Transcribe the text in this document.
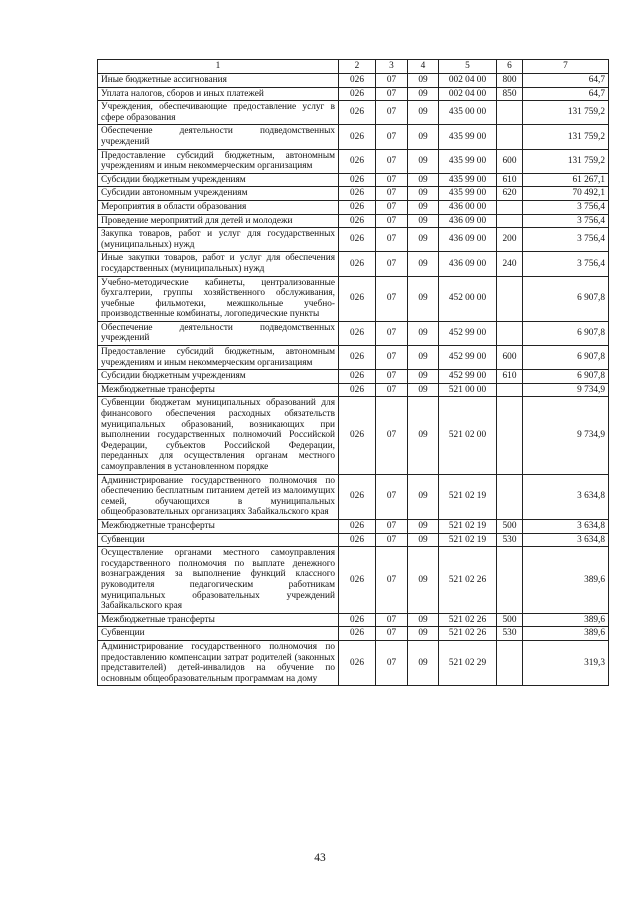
1	2	3	4	5	6	7
Иные бюджетные ассигнования	026	07	09	002 04 00	800	64,7
Уплата налогов, сборов и иных платежей	026	07	09	002 04 00	850	64,7
Учреждения, обеспечивающие предоставление услуг в сфере образования	026	07	09	435 00 00		131 759,2
Обеспечение деятельности подведомственных учреждений	026	07	09	435 99 00		131 759,2
Предоставление субсидий бюджетным, автономным учреждениям и иным некоммерческим организациям	026	07	09	435 99 00	600	131 759,2
Субсидии бюджетным учреждениям	026	07	09	435 99 00	610	61 267,1
Субсидии автономным учреждениям	026	07	09	435 99 00	620	70 492,1
Мероприятия в области образования	026	07	09	436 00 00		3 756,4
Проведение мероприятий для детей и молодежи	026	07	09	436 09 00		3 756,4
Закупка товаров, работ и услуг для государственных (муниципальных) нужд	026	07	09	436 09 00	200	3 756,4
Иные закупки товаров, работ и услуг для обеспечения государственных (муниципальных) нужд	026	07	09	436 09 00	240	3 756,4
Учебно-методические кабинеты, централизованные бухгалтерии, группы хозяйственного обслуживания, учебные фильмотеки, межшкольные учебно-производственные комбинаты, логопедические пункты	026	07	09	452 00 00		6 907,8
Обеспечение деятельности подведомственных учреждений	026	07	09	452 99 00		6 907,8
Предоставление субсидий бюджетным, автономным учреждениям и иным некоммерческим организациям	026	07	09	452 99 00	600	6 907,8
Субсидии бюджетным учреждениям	026	07	09	452 99 00	610	6 907,8
Межбюджетные трансферты	026	07	09	521 00 00		9 734,9
Субвенции бюджетам муниципальных образований для финансового обеспечения расходных обязательств муниципальных образований, возникающих при выполнении государственных полномочий Российской Федерации, субъектов Российской Федерации, переданных для осуществления органам местного самоуправления в установленном порядке	026	07	09	521 02 00		9 734,9
Администрирование государственного полномочия по обеспечению бесплатным питанием детей из малоимущих семей, обучающихся в муниципальных общеобразовательных организациях Забайкальского края	026	07	09	521 02 19		3 634,8
Межбюджетные трансферты	026	07	09	521 02 19	500	3 634,8
Субвенции	026	07	09	521 02 19	530	3 634,8
Осуществление органами местного самоуправления государственного полномочия по выплате денежного вознаграждения за выполнение функций классного руководителя педагогическим работникам муниципальных образовательных учреждений Забайкальского края	026	07	09	521 02 26		389,6
Межбюджетные трансферты	026	07	09	521 02 26	500	389,6
Субвенции	026	07	09	521 02 26	530	389,6
Администрирование государственного полномочия по предоставлению компенсации затрат родителей (законных представителей) детей-инвалидов на обучение по основным общеобразовательным программам на дому	026	07	09	521 02 29		319,3
43
